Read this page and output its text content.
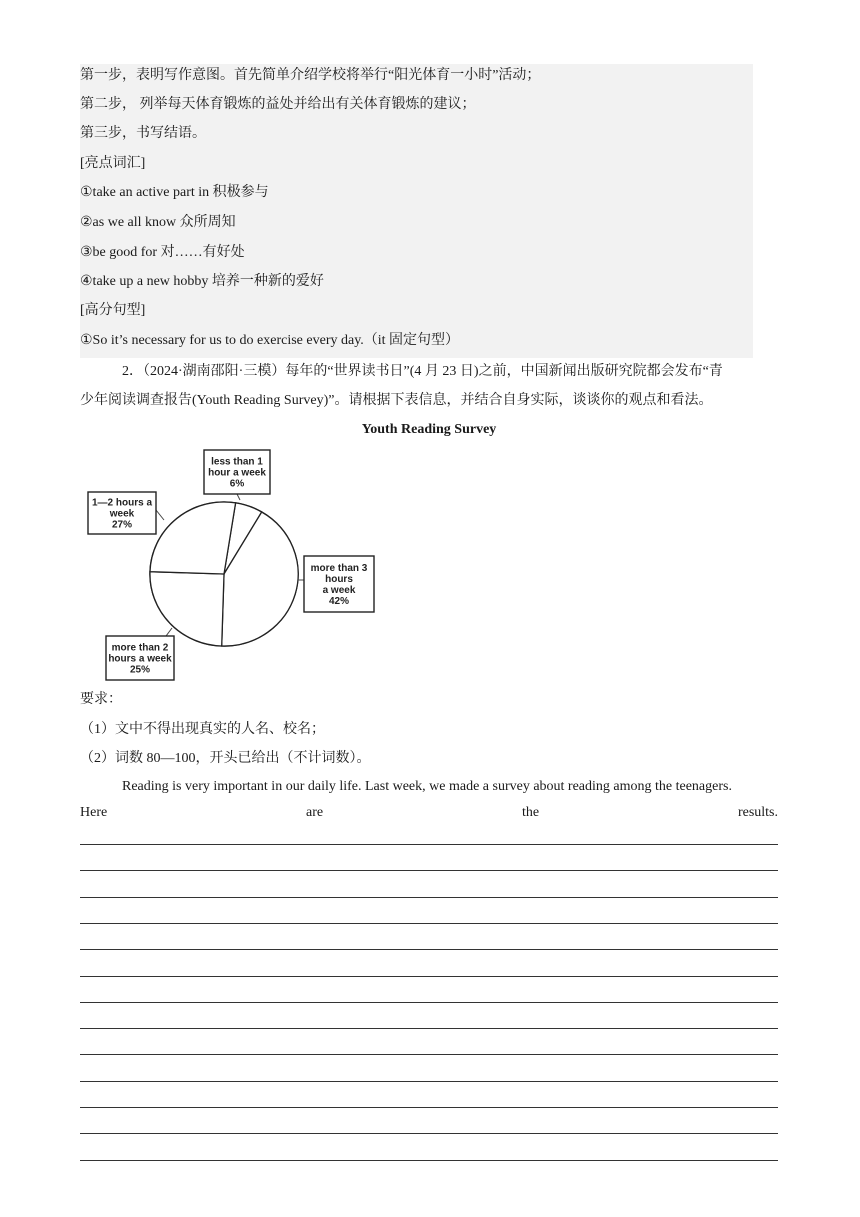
第一步，表明写作意图。首先简单介绍学校将举行“阳光体育一小时”活动；
第二步， 列举每天体育锻炼的益处并给出有关体育锻炼的建议；
第三步，书写结语。
[亮点词汇]
①take an active part in 积极参与
②as we all know 众所周知
③be good for 对……有好处
④take up a new hobby 培养一种新的爱好
[高分句型]
①So it’s necessary for us to do exercise every day.（it 固定句型）
2．（2024·湖南邵阳·三模）每年的“世界读书日”(4 月 23 日)之前，中国新闻出版研究院都会发布“青
少年阅读调查报告(Youth Reading Survey)”。请根据下表信息，并结合自身实际，谈谈你的观点和看法。
Youth Reading Survey
less than 1
hour a week
6%
more than 3
hours
a week
42%
more than 2
hours a week
25%
1—2 hours a
week
27%
要求：
（1）文中不得出现真实的人名、校名；
（2）词数 80—100，开头已给出（不计词数）。
Reading is very important in our daily life. Last week, we made a survey about reading among the teenagers.
Here	are	the	results.
